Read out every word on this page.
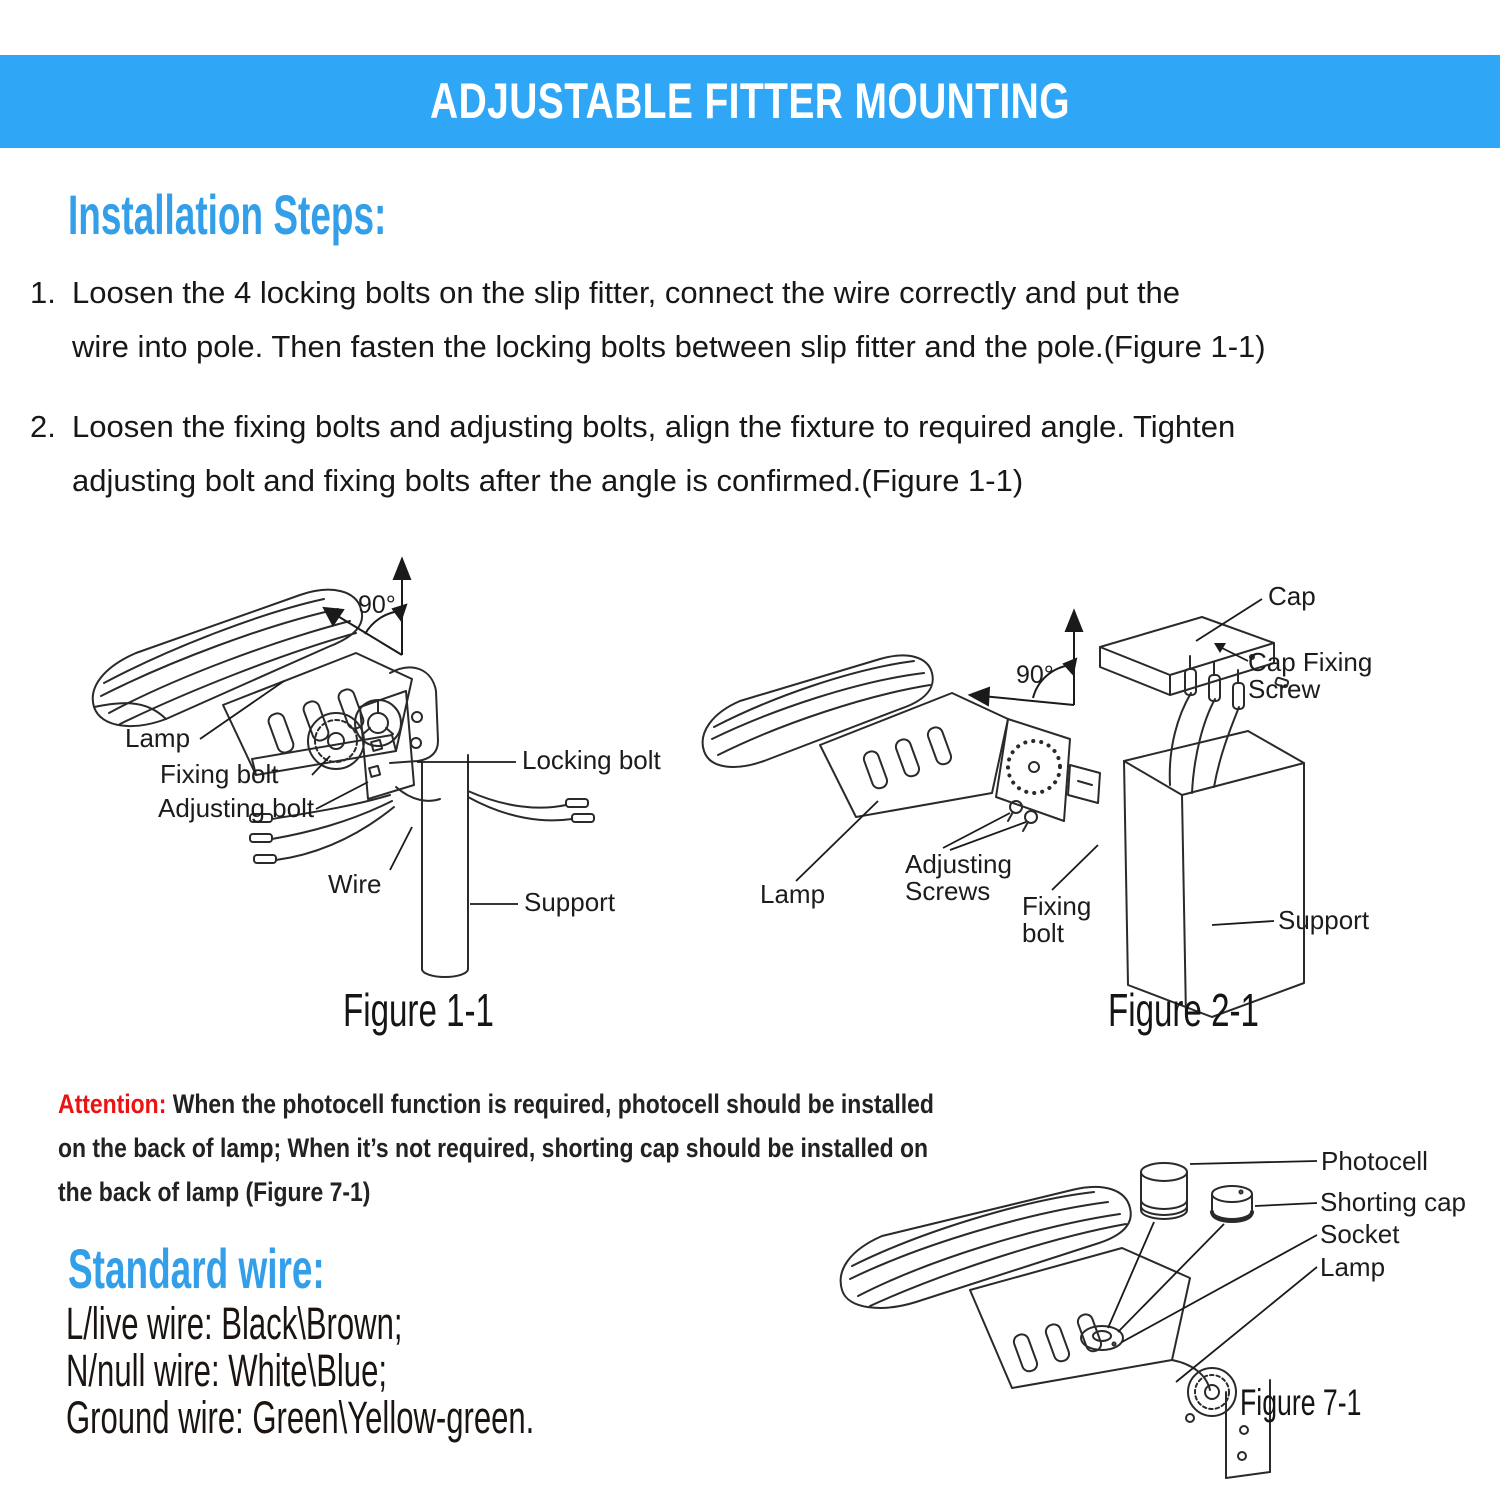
ADJUSTABLE FITTER MOUNTING
Installation Steps:
1. Loosen the 4 locking bolts on the slip fitter, connect the wire correctly and put the
wire into pole. Then fasten the locking bolts between slip fitter and the pole.(Figure 1-1)
2. Loosen the fixing bolts and adjusting bolts, align the fixture to required angle. Tighten
adjusting bolt and fixing bolts after the angle is confirmed.(Figure 1-1)
90°
Lamp
Fixing bolt
Adjusting bolt
Locking bolt
Wire
Support
Figure 1-1
90°
Cap
Cap Fixing Screw
Lamp
Adjusting Screws	Fixing bolt	Support
Figure 2-1
Attention: When the photocell function is required, photocell should be installed
on the back of lamp; When it’s not required, shorting cap should be installed on
the back of lamp (Figure 7-1)
Standard wire:
L/live wire: Black\Brown;
N/null wire: White\Blue;
Ground wire: Green\Yellow-green.
Photocell
Shorting cap
Socket
Lamp
Figure 7-1
